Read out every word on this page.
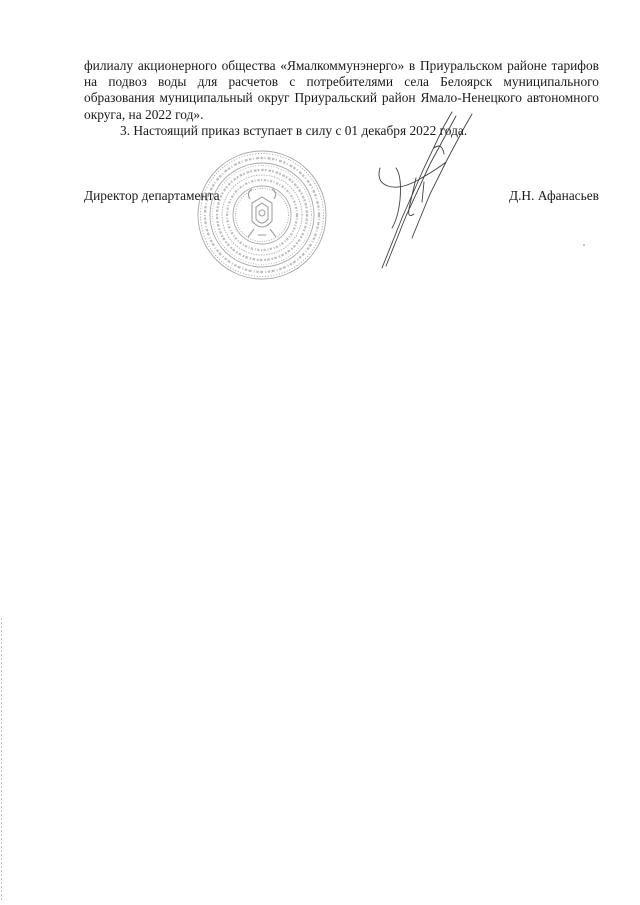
филиалу акционерного общества «Ямалкоммунэнерго» в Приуральском районе тарифов на подвоз воды для расчетов с потребителями села Белоярск муниципального образования муниципальный округ Приуральский район Ямало-Ненецкого автономного округа, на 2022 год».

3. Настоящий приказ вступает в силу с 01 декабря 2022 года.

Директор департамента	Д.Н. Афанасьев
